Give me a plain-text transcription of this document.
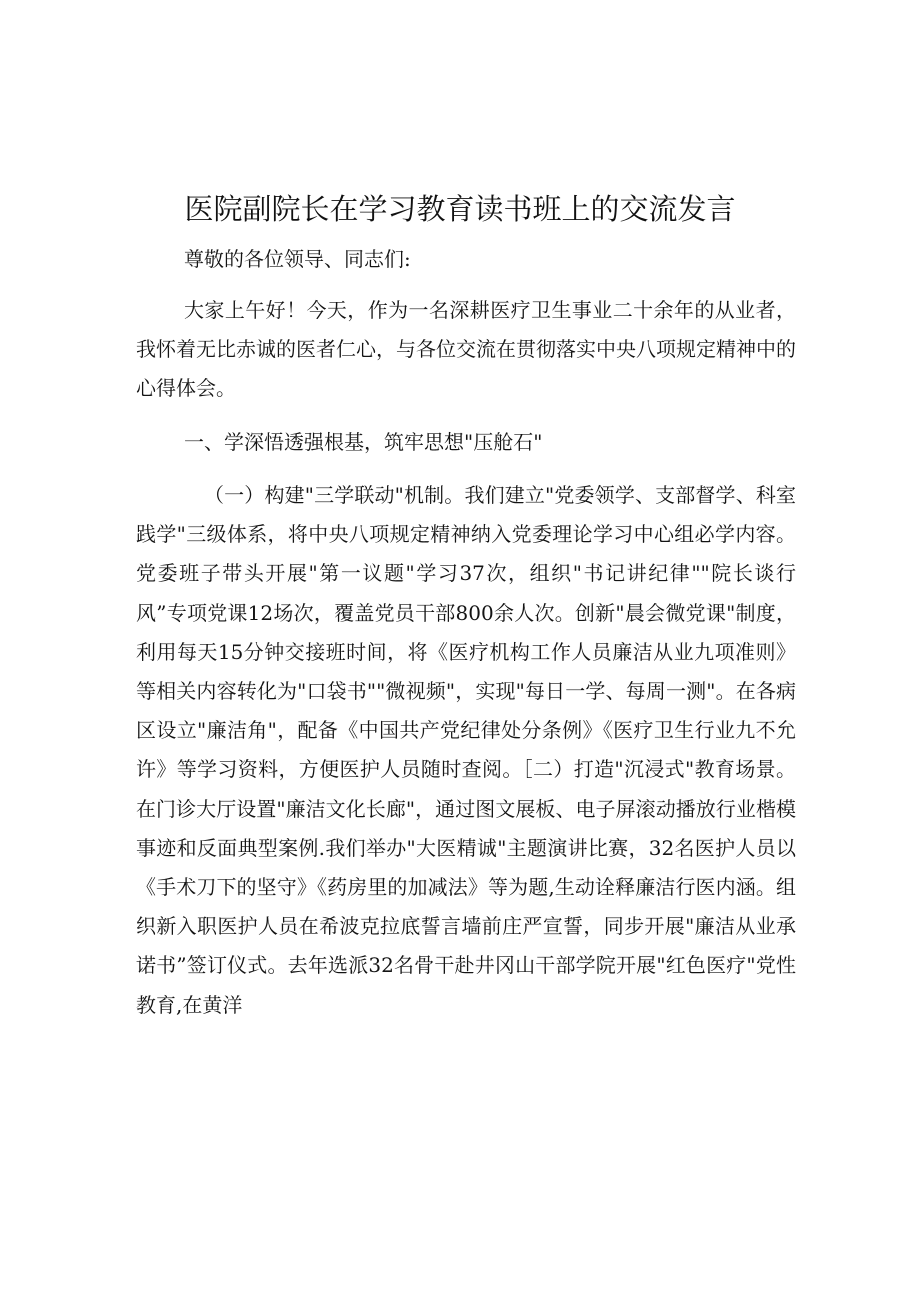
医院副院长在学习教育读书班上的交流发言
尊敬的各位领导、同志们:

大家上午好！今天，作为一名深耕医疗卫生事业二十余年的从业者，我怀着无比赤诚的医者仁心，与各位交流在贯彻落实中央八项规定精神中的心得体会。

一、学深悟透强根基，筑牢思想"压舱石"

（一）构建"三学联动"机制。我们建立"党委领学、支部督学、科室践学"三级体系，将中央八项规定精神纳入党委理论学习中心组必学内容。党委班子带头开展"第一议题"学习37次，组织"书记讲纪律""院长谈行风”专项党课12场次，覆盖党员干部800余人次。创新"晨会微党课"制度，利用每天15分钟交接班时间，将《医疗机构工作人员廉洁从业九项准则》等相关内容转化为"口袋书""微视频"，实现"每日一学、每周一测"。在各病区设立"廉洁角"，配备《中国共产党纪律处分条例》《医疗卫生行业九不允许》等学习资料，方便医护人员随时查阅。［二）打造"沉浸式"教育场景。在门诊大厅设置"廉洁文化长廊"，通过图文展板、电子屏滚动播放行业楷模事迹和反面典型案例.我们举办"大医精诚"主题演讲比赛，32名医护人员以《手术刀下的坚守》《药房里的加减法》等为题,生动诠释廉洁行医内涵。组织新入职医护人员在希波克拉底誓言墙前庄严宣誓，同步开展"廉洁从业承诺书”签订仪式。去年选派32名骨干赴井冈山干部学院开展"红色医疗"党性教育,在黄洋
